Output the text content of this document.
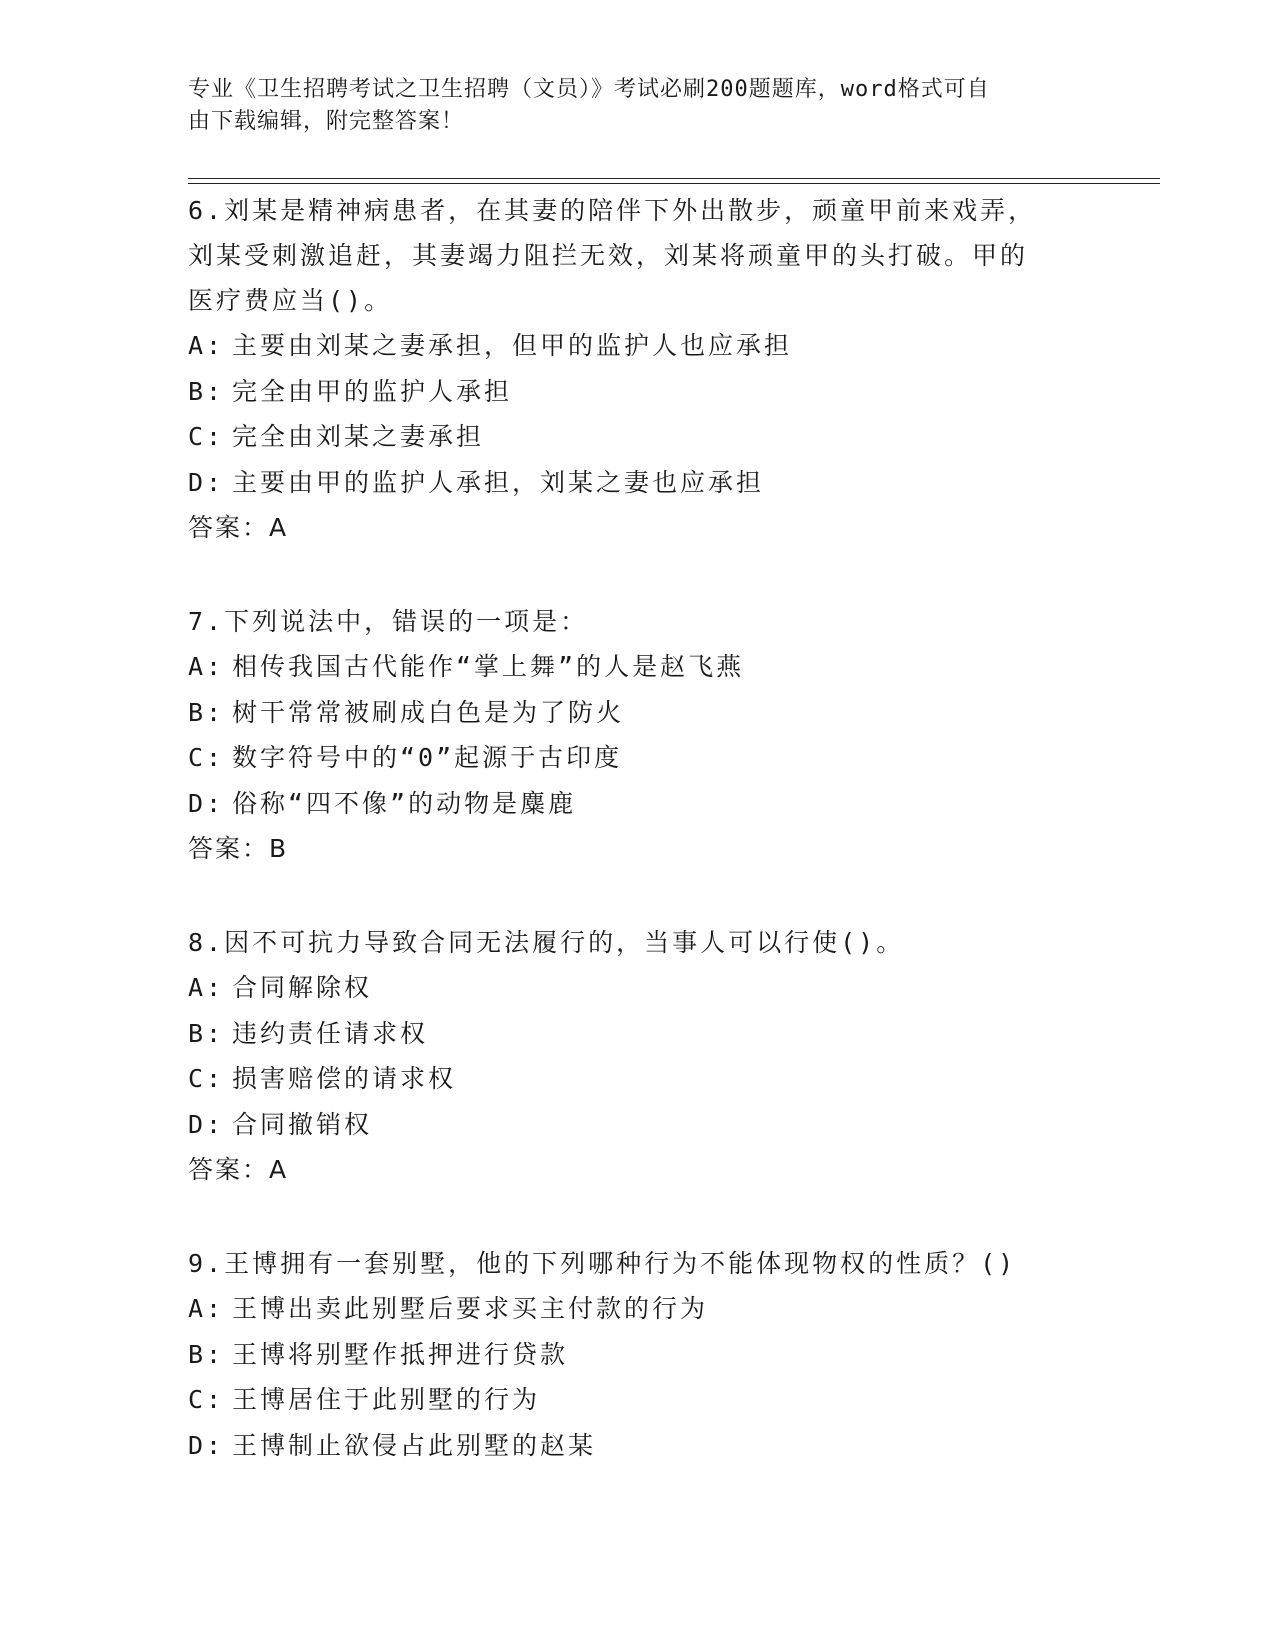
专业《卫生招聘考试之卫生招聘（文员）》考试必刷200题题库，word格式可自
由下载编辑，附完整答案！

6.刘某是精神病患者，在其妻的陪伴下外出散步，顽童甲前来戏弄，

刘某受刺激追赶，其妻竭力阻拦无效，刘某将顽童甲的头打破。甲的

医疗费应当()。

A: 主要由刘某之妻承担，但甲的监护人也应承担

B: 完全由甲的监护人承担

C: 完全由刘某之妻承担

D: 主要由甲的监护人承担，刘某之妻也应承担

答案：A

7.下列说法中，错误的一项是：

A: 相传我国古代能作“掌上舞”的人是赵飞燕

B: 树干常常被刷成白色是为了防火

C: 数字符号中的“0”起源于古印度

D: 俗称“四不像”的动物是麋鹿

答案：B

8.因不可抗力导致合同无法履行的，当事人可以行使()。

A: 合同解除权

B: 违约责任请求权

C: 损害赔偿的请求权

D: 合同撤销权

答案：A

9.王博拥有一套别墅，他的下列哪种行为不能体现物权的性质？()

A: 王博出卖此别墅后要求买主付款的行为

B: 王博将别墅作抵押进行贷款

C: 王博居住于此别墅的行为

D: 王博制止欲侵占此别墅的赵某
